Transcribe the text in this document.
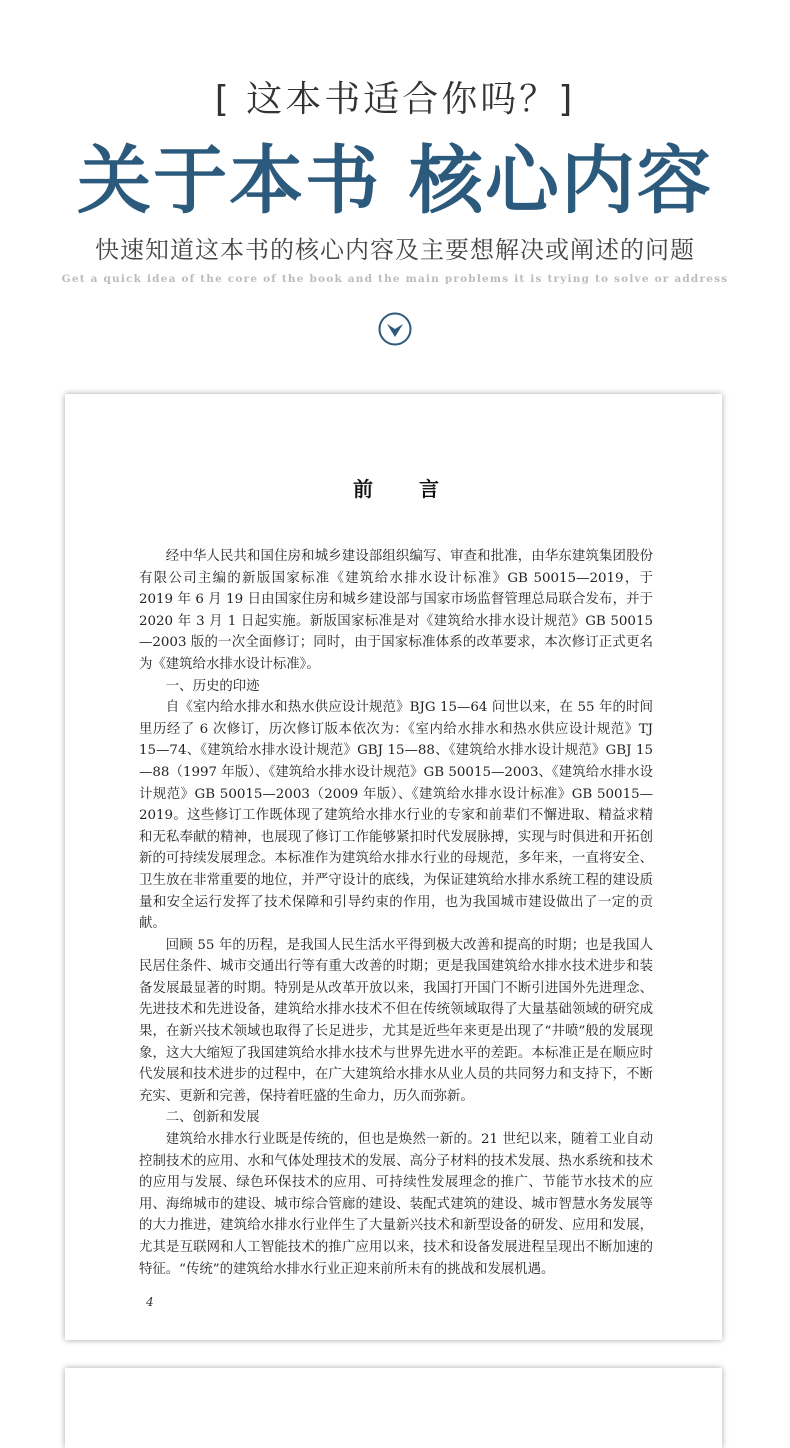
[ 这本书适合你吗？]
关于本书 核心内容
快速知道这本书的核心内容及主要想解决或阐述的问题
Get a quick idea of the core of the book and the main problems it is trying to solve or address
前言

经中华人民共和国住房和城乡建设部组织编写、审查和批准，由华东建筑集团股份有限公司主编的新版国家标准《建筑给水排水设计标准》GB 50015—2019，于 2019 年 6 月 19 日由国家住房和城乡建设部与国家市场监督管理总局联合发布，并于 2020 年 3 月 1 日起实施。新版国家标准是对《建筑给水排水设计规范》GB 50015—2003 版的一次全面修订；同时，由于国家标准体系的改革要求，本次修订正式更名为《建筑给水排水设计标准》。

一、历史的印迹

自《室内给水排水和热水供应设计规范》BJG 15—64 问世以来，在 55 年的时间里历经了 6 次修订，历次修订版本依次为：《室内给水排水和热水供应设计规范》TJ 15—74、《建筑给水排水设计规范》GBJ 15—88、《建筑给水排水设计规范》GBJ 15—88（1997 年版）、《建筑给水排水设计规范》GB 50015—2003、《建筑给水排水设计规范》GB 50015—2003（2009 年版）、《建筑给水排水设计标准》GB 50015—2019。这些修订工作既体现了建筑给水排水行业的专家和前辈们不懈进取、精益求精和无私奉献的精神，也展现了修订工作能够紧扣时代发展脉搏，实现与时俱进和开拓创新的可持续发展理念。本标准作为建筑给水排水行业的母规范，多年来，一直将安全、卫生放在非常重要的地位，并严守设计的底线，为保证建筑给水排水系统工程的建设质量和安全运行发挥了技术保障和引导约束的作用，也为我国城市建设做出了一定的贡献。

回顾 55 年的历程，是我国人民生活水平得到极大改善和提高的时期；也是我国人民居住条件、城市交通出行等有重大改善的时期；更是我国建筑给水排水技术进步和装备发展最显著的时期。特别是从改革开放以来，我国打开国门不断引进国外先进理念、先进技术和先进设备，建筑给水排水技术不但在传统领域取得了大量基础领域的研究成果，在新兴技术领域也取得了长足进步，尤其是近些年来更是出现了“井喷”般的发展现象，这大大缩短了我国建筑给水排水技术与世界先进水平的差距。本标准正是在顺应时代发展和技术进步的过程中，在广大建筑给水排水从业人员的共同努力和支持下，不断充实、更新和完善，保持着旺盛的生命力，历久而弥新。

二、创新和发展

建筑给水排水行业既是传统的，但也是焕然一新的。21 世纪以来，随着工业自动控制技术的应用、水和气体处理技术的发展、高分子材料的技术发展、热水系统和技术的应用与发展、绿色环保技术的应用、可持续性发展理念的推广、节能节水技术的应用、海绵城市的建设、城市综合管廊的建设、装配式建筑的建设、城市智慧水务发展等的大力推进，建筑给水排水行业伴生了大量新兴技术和新型设备的研发、应用和发展，尤其是互联网和人工智能技术的推广应用以来，技术和设备发展进程呈现出不断加速的特征。“传统”的建筑给水排水行业正迎来前所未有的挑战和发展机遇。

4
